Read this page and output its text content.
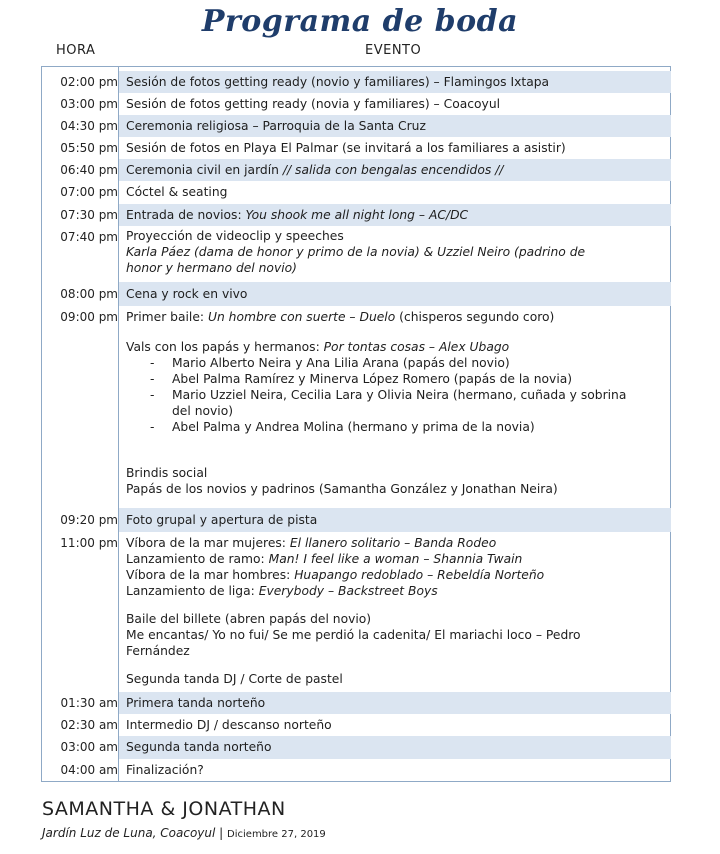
Programa de boda
HORA	EVENTO
02:00 pm Sesión de fotos getting ready (novio y familiares) – Flamingos Ixtapa
03:00 pm Sesión de fotos getting ready (novia y familiares) – Coacoyul
04:30 pm Ceremonia religiosa – Parroquia de la Santa Cruz
05:50 pm Sesión de fotos en Playa El Palmar (se invitará a los familiares a asistir)
06:40 pm Ceremonia civil en jardín // salida con bengalas encendidos //
07:00 pm Cóctel & seating
07:30 pm Entrada de novios: You shook me all night long – AC/DC
07:40 pm Proyección de videoclip y speeches
Karla Páez (dama de honor y primo de la novia) & Uzziel Neiro (padrino de
honor y hermano del novio)
08:00 pm Cena y rock en vivo
09:00 pm Primer baile: Un hombre con suerte – Duelo (chisperos segundo coro)
Vals con los papás y hermanos: Por tontas cosas – Alex Ubago
- Mario Alberto Neira y Ana Lilia Arana (papás del novio)
- Abel Palma Ramírez y Minerva López Romero (papás de la novia)
- Mario Uzziel Neira, Cecilia Lara y Olivia Neira (hermano, cuñada y sobrina del novio)
- Abel Palma y Andrea Molina (hermano y prima de la novia)
Brindis social
Papás de los novios y padrinos (Samantha González y Jonathan Neira)
09:20 pm Foto grupal y apertura de pista
11:00 pm Víbora de la mar mujeres: El llanero solitario – Banda Rodeo
Lanzamiento de ramo: Man! I feel like a woman – Shannia Twain
Víbora de la mar hombres: Huapango redoblado – Rebeldía Norteño
Lanzamiento de liga: Everybody – Backstreet Boys
Baile del billete (abren papás del novio)
Me encantas/ Yo no fui/ Se me perdió la cadenita/ El mariachi loco – Pedro
Fernández
Segunda tanda DJ / Corte de pastel
01:30 am Primera tanda norteño
02:30 am Intermedio DJ / descanso norteño
03:00 am Segunda tanda norteño
04:00 am Finalización?
SAMANTHA & JONATHAN
Jardín Luz de Luna, Coacoyul | Diciembre 27, 2019
